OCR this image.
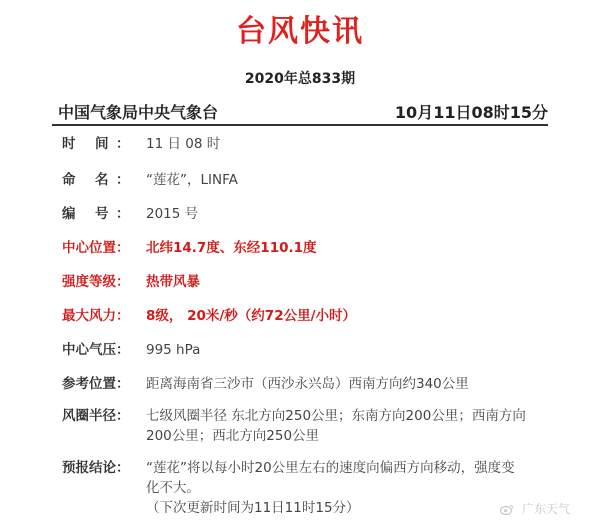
台风快讯
2020年总833期
中国气象局中央气象台	10月11日08时15分
时 间： 11 日 08 时
命 名： “莲花”，LINFA
编 号： 2015 号
中心位置：	北纬14.7度、东经110.1度
强度等级：	热带风暴
最大风力：	8级， 20米/秒（约72公里/小时）
中心气压：	995 hPa
参考位置：	距离海南省三沙市（西沙永兴岛）西南方向约340公里
风圈半径：	七级风圈半径 东北方向250公里；东南方向200公里；西南方向200公里；西北方向250公里
预报结论：	“莲花”将以每小时20公里左右的速度向偏西方向移动，强度变化不大。
（下次更新时间为11日11时15分）	广东天气
